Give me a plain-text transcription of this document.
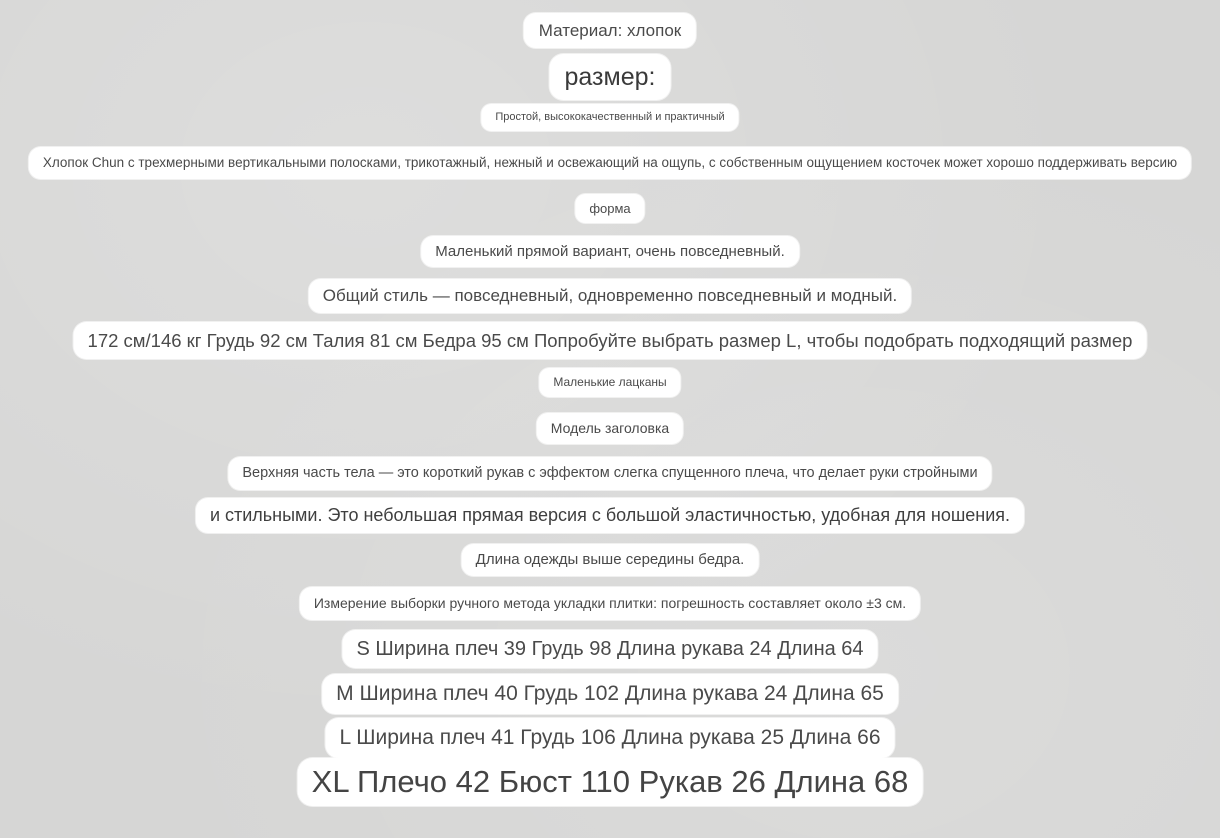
Материал: хлопок
размер:
Простой, высококачественный и практичный
Хлопок Chun с трехмерными вертикальными полосками, трикотажный, нежный и освежающий на ощупь, с собственным ощущением косточек может хорошо поддерживать версию
форма
Маленький прямой вариант, очень повседневный.
Общий стиль — повседневный, одновременно повседневный и модный.
172 см/146 кг Грудь 92 см Талия 81 см Бедра 95 см Попробуйте выбрать размер L, чтобы подобрать подходящий размер
Маленькие лацканы
Модель заголовка
Верхняя часть тела — это короткий рукав с эффектом слегка спущенного плеча, что делает руки стройными
и стильными. Это небольшая прямая версия с большой эластичностью, удобная для ношения.
Длина одежды выше середины бедра.
Измерение выборки ручного метода укладки плитки: погрешность составляет около ±3 см.
S Ширина плеч 39 Грудь 98 Длина рукава 24 Длина 64
M Ширина плеч 40 Грудь 102 Длина рукава 24 Длина 65
L Ширина плеч 41 Грудь 106 Длина рукава 25 Длина 66
XL Плечо 42 Бюст 110 Рукав 26 Длина 68
